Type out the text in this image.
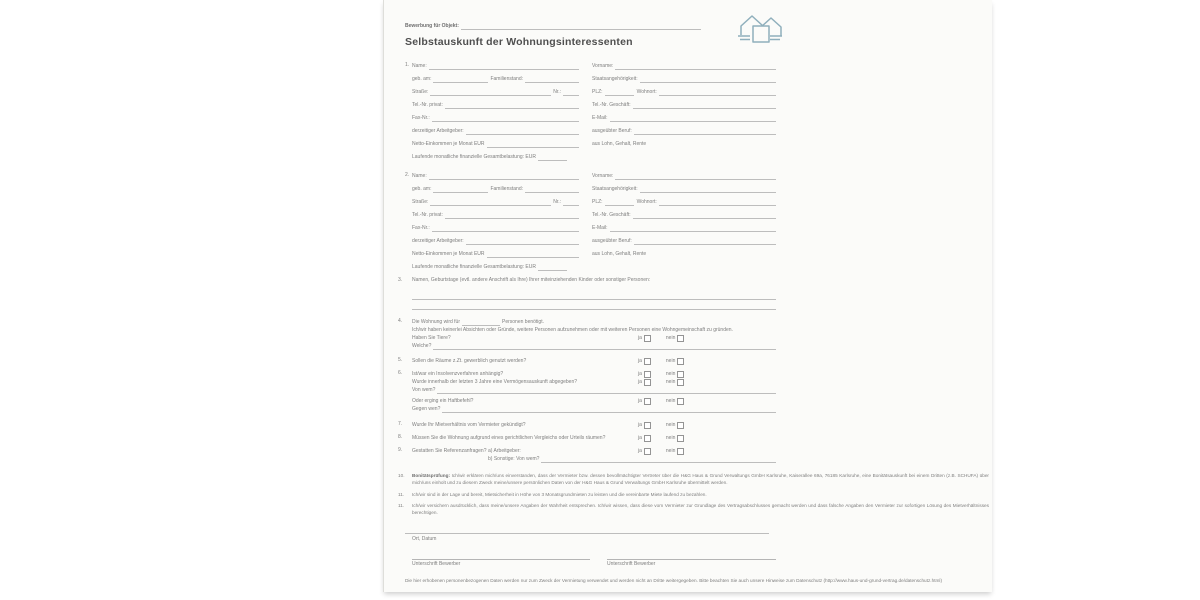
Bewerbung für Objekt:
Selbstauskunft der Wohnungsinteressenten
1. Name:	Vorname:
geb. am:	Familienstand:	Staatsangehörigkeit:
Straße:	Nr.:	PLZ:	Wohnort:
Tel.-Nr. privat:	Tel.-Nr. Geschäft:
Fax-Nr.:	E-Mail:
derzeitiger Arbeitgeber:	ausgeübter Beruf:
Netto-Einkommen je Monat EUR	aus Lohn, Gehalt, Rente
Laufende monatliche finanzielle Gesamtbelastung: EUR
2. Name:	Vorname:
geb. am:	Familienstand:	Staatsangehörigkeit:
Straße:	Nr.:	PLZ:	Wohnort:
Tel.-Nr. privat:	Tel.-Nr. Geschäft:
Fax-Nr.:	E-Mail:
derzeitiger Arbeitgeber:	ausgeübter Beruf:
Netto-Einkommen je Monat EUR	aus Lohn, Gehalt, Rente
Laufende monatliche finanzielle Gesamtbelastung: EUR
3. Namen, Geburtstage (evtl. andere Anschrift als Ihre) Ihrer miteinziehenden Kinder oder sonstiger Personen:
4. Die Wohnung wird für	Personen benötigt.
Ich/wir haben keinerlei Absichten oder Gründe, weitere Personen aufzunehmen oder mit weiteren Personen eine Wohngemeinschaft zu gründen.
Haben Sie Tiere?	ja	nein
Welche?
5. Sollen die Räume z.Zt. gewerblich genutzt werden?	ja	nein
6. Ist/war ein Insolvenzverfahren anhängig?	ja	nein
Wurde innerhalb der letzten 3 Jahre eine Vermögensauskunft abgegeben?	ja	nein
Von wem?
Oder erging ein Haftbefehl?	ja	nein
Gegen wen?
7. Wurde Ihr Mietverhältnis vom Vermieter gekündigt?	ja	nein
8. Müssen Sie die Wohnung aufgrund eines gerichtlichen Vergleichs oder Urteils räumen?	ja	nein
9. Gestatten Sie Referenzanfragen? a) Arbeitgeber:	ja	nein
b) Sonstige: Von wem?
10. Bonitätsprüfung: Ich/wir erklären mich/uns einverstanden, dass der Vermieter bzw. dessen bevollmächtigter Vertreter über die H&G Haus & Grund Verwaltungs GmbH Karlsruhe, Kaiserallee 69a, 76185 Karlsruhe, eine Bonitätsauskunft bei einem Dritten (z.B. SCHUFA) über mich/uns einholt und zu diesem Zweck meine/unsere persönlichen Daten von der H&G Haus & Grund Verwaltungs GmbH Karlsruhe übermittelt werden.
11. Ich/wir sind in der Lage und bereit, Mietsicherheit in Höhe von 3 Monatsgrundmieten zu leisten und die vereinbarte Miete laufend zu bezahlen.
11. Ich/wir versichern ausdrücklich, dass meine/unsere Angaben der Wahrheit entsprechen. Ich/wir wissen, dass diese vom Vermieter zur Grundlage des Vertragsabschlusses gemacht werden und dass falsche Angaben den Vermieter zur sofortigen Lösung des Mietverhältnisses berechtigen.
Ort, Datum
Unterschrift Bewerber	Unterschrift Bewerber
Die hier erhobenen personenbezogenen Daten werden nur zum Zweck der Vermietung verwendet und werden nicht an Dritte weitergegeben. Bitte beachten Sie auch unsere Hinweise zum Datenschutz (http://www.haus-und-grund-vertrag.de/datenschutz.html)
